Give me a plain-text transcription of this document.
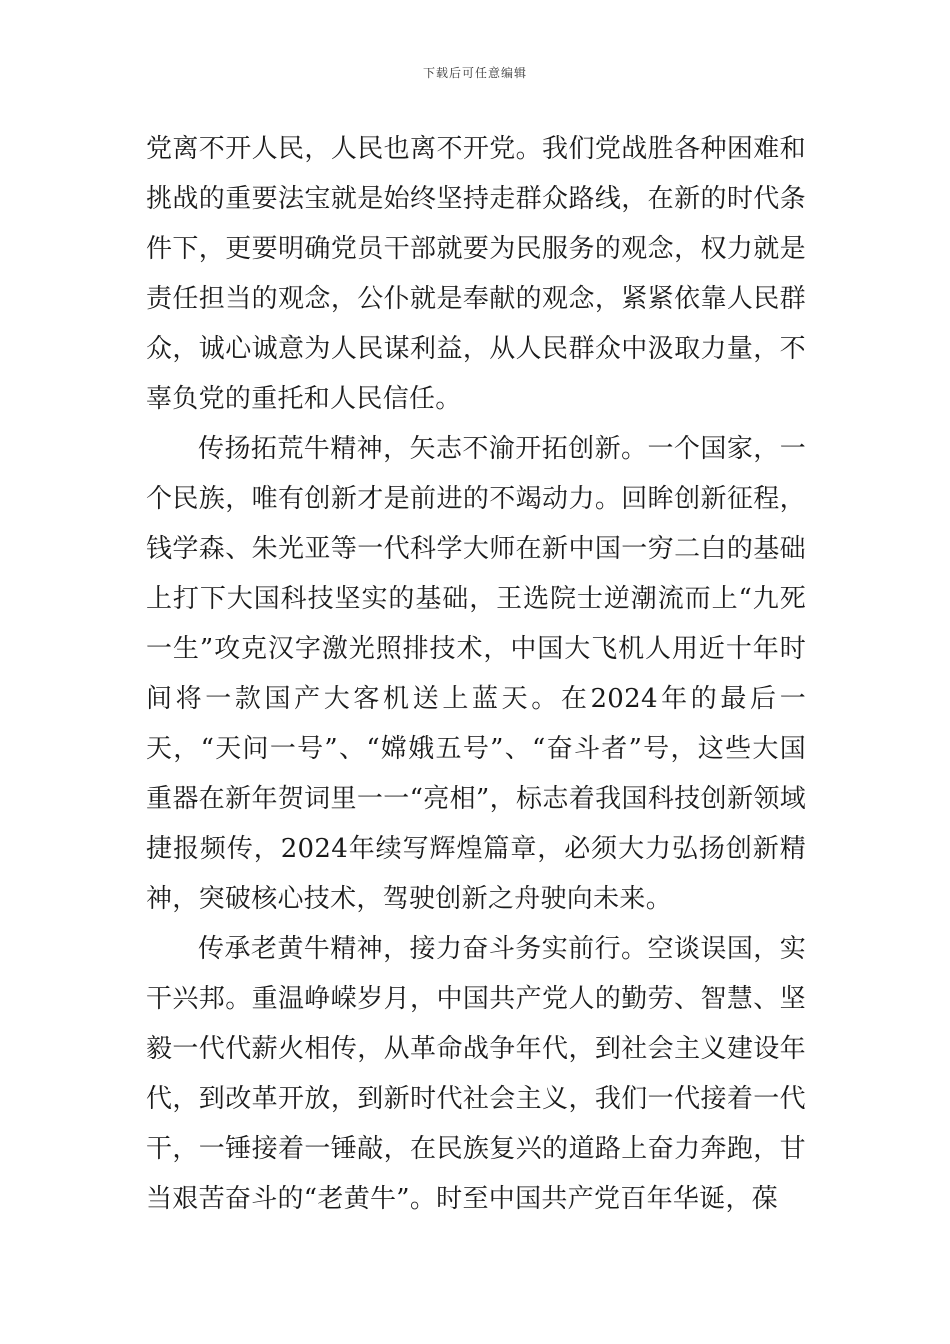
下载后可任意编辑

党离不开人民，人民也离不开党。我们党战胜各种困难和挑战的重要法宝就是始终坚持走群众路线，在新的时代条件下，更要明确党员干部就要为民服务的观念，权力就是责任担当的观念，公仆就是奉献的观念，紧紧依靠人民群众，诚心诚意为人民谋利益，从人民群众中汲取力量，不辜负党的重托和人民信任。

传扬拓荒牛精神，矢志不渝开拓创新。一个国家，一个民族，唯有创新才是前进的不竭动力。回眸创新征程，钱学森、朱光亚等一代科学大师在新中国一穷二白的基础上打下大国科技坚实的基础，王选院士逆潮流而上“九死一生”攻克汉字激光照排技术，中国大飞机人用近十年时间将一款国产大客机送上蓝天。在2024年的最后一天，“天问一号”、“嫦娥五号”、“奋斗者”号，这些大国重器在新年贺词里一一“亮相”，标志着我国科技创新领域捷报频传，2024年续写辉煌篇章，必须大力弘扬创新精神，突破核心技术，驾驶创新之舟驶向未来。

传承老黄牛精神，接力奋斗务实前行。空谈误国，实干兴邦。重温峥嵘岁月，中国共产党人的勤劳、智慧、坚毅一代代薪火相传，从革命战争年代，到社会主义建设年代，到改革开放，到新时代社会主义，我们一代接着一代干，一锤接着一锤敲，在民族复兴的道路上奋力奔跑，甘当艰苦奋斗的“老黄牛”。时至中国共产党百年华诞，葆
